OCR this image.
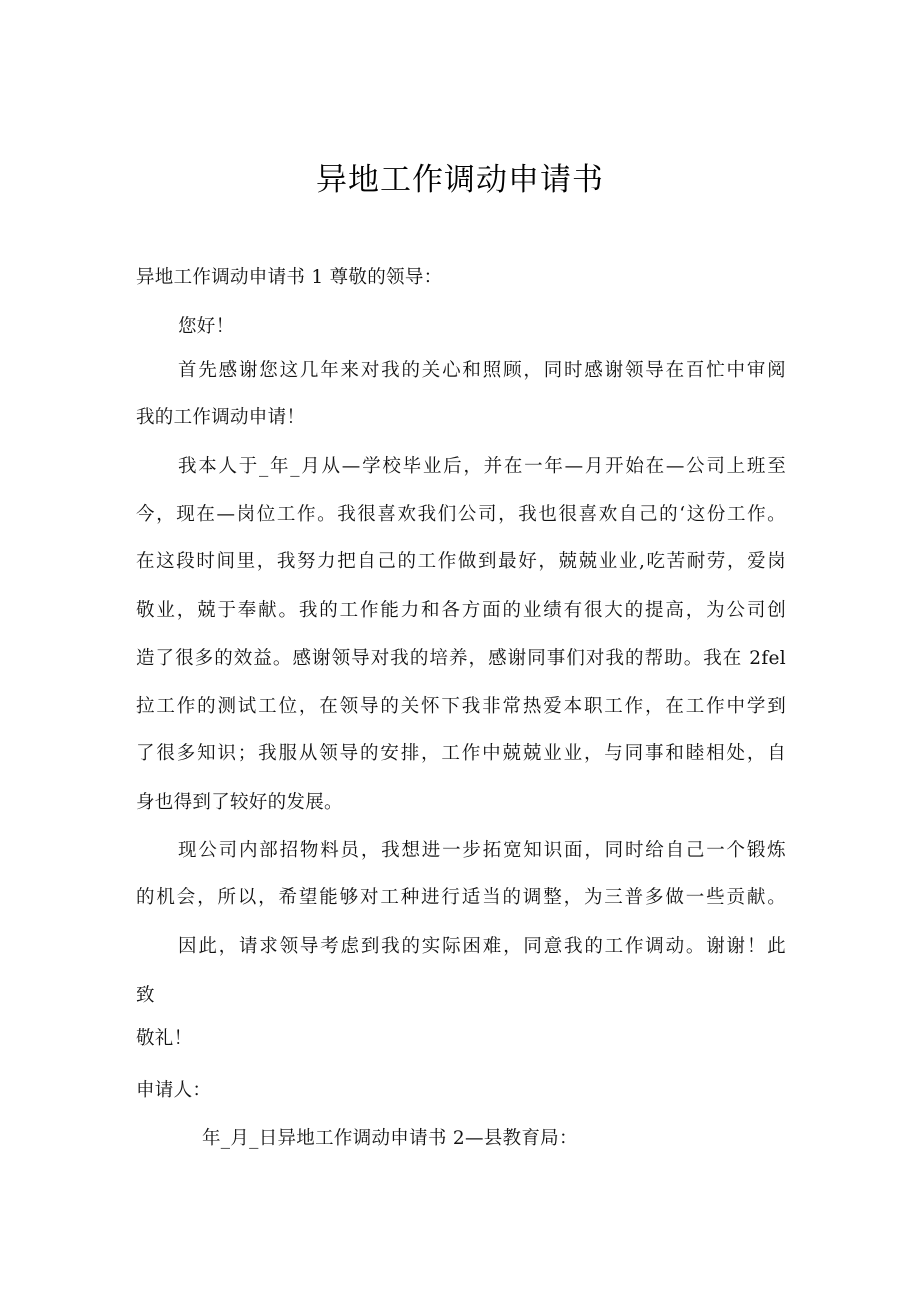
异地工作调动申请书
异地工作调动申请书 1 尊敬的领导：
您好！
首先感谢您这几年来对我的关心和照顾，同时感谢领导在百忙中审阅
我的工作调动申请！
我本人于_年_月从—学校毕业后，并在一年—月开始在—公司上班至
今，现在—岗位工作。我很喜欢我们公司，我也很喜欢自己的‘这份工作。
在这段时间里，我努力把自己的工作做到最好，兢兢业业,吃苦耐劳，爱岗
敬业，兢于奉献。我的工作能力和各方面的业绩有很大的提高，为公司创
造了很多的效益。感谢领导对我的培养，感谢同事们对我的帮助。我在 2fel
拉工作的测试工位，在领导的关怀下我非常热爱本职工作，在工作中学到
了很多知识；我服从领导的安排，工作中兢兢业业，与同事和睦相处，自
身也得到了较好的发展。
现公司内部招物料员，我想进一步拓宽知识面，同时给自己一个锻炼
的机会，所以，希望能够对工种进行适当的调整，为三普多做一些贡献。
因此，请求领导考虑到我的实际困难，同意我的工作调动。谢谢！此
致
敬礼！
申请人：
年_月_日异地工作调动申请书 2—县教育局：
